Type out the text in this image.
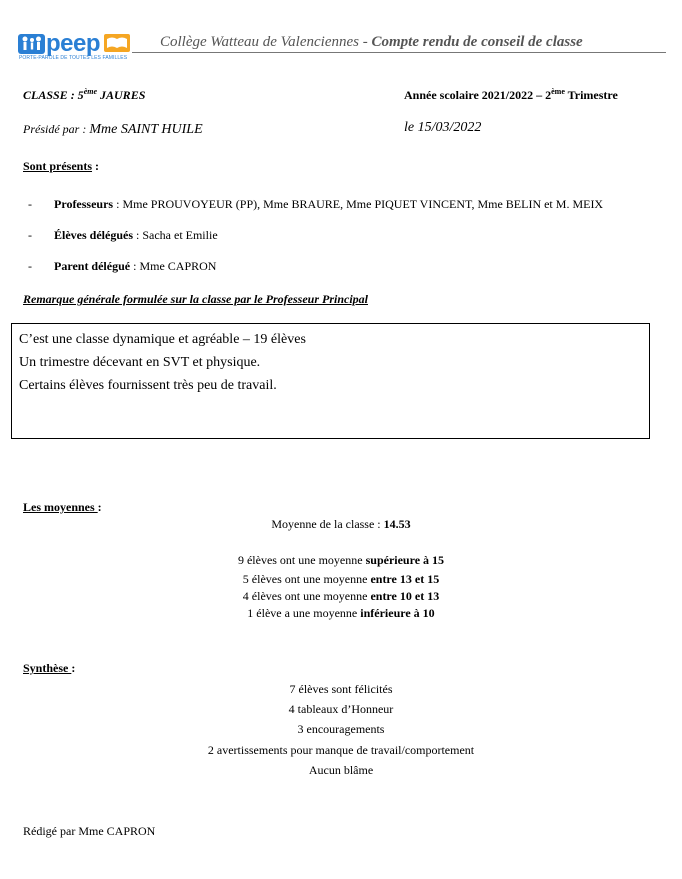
peep
PORTE-PAROLE DE TOUTES LES FAMILLES
Collège Watteau de Valenciennes - Compte rendu de conseil de classe
CLASSE : 5ème JAURES	Année scolaire 2021/2022 – 2ème Trimestre
Présidé par : Mme SAINT HUILE	le 15/03/2022
Sont présents :
- Professeurs : Mme PROUVOYEUR (PP), Mme BRAURE, Mme PIQUET VINCENT, Mme BELIN et M. MEIX
- Élèves délégués : Sacha et Emilie
- Parent délégué : Mme CAPRON
Remarque générale formulée sur la classe par le Professeur Principal
C’est une classe dynamique et agréable – 19 élèves
Un trimestre décevant en SVT et physique.
Certains élèves fournissent très peu de travail.
Les moyennes :
Moyenne de la classe : 14.53
9 élèves ont une moyenne supérieure à 15
5 élèves ont une moyenne entre 13 et 15
4 élèves ont une moyenne entre 10 et 13
1 élève a une moyenne inférieure à 10
Synthèse :
7 élèves sont félicités
4 tableaux d’Honneur
3 encouragements
2 avertissements pour manque de travail/comportement
Aucun blâme
Rédigé par Mme CAPRON
